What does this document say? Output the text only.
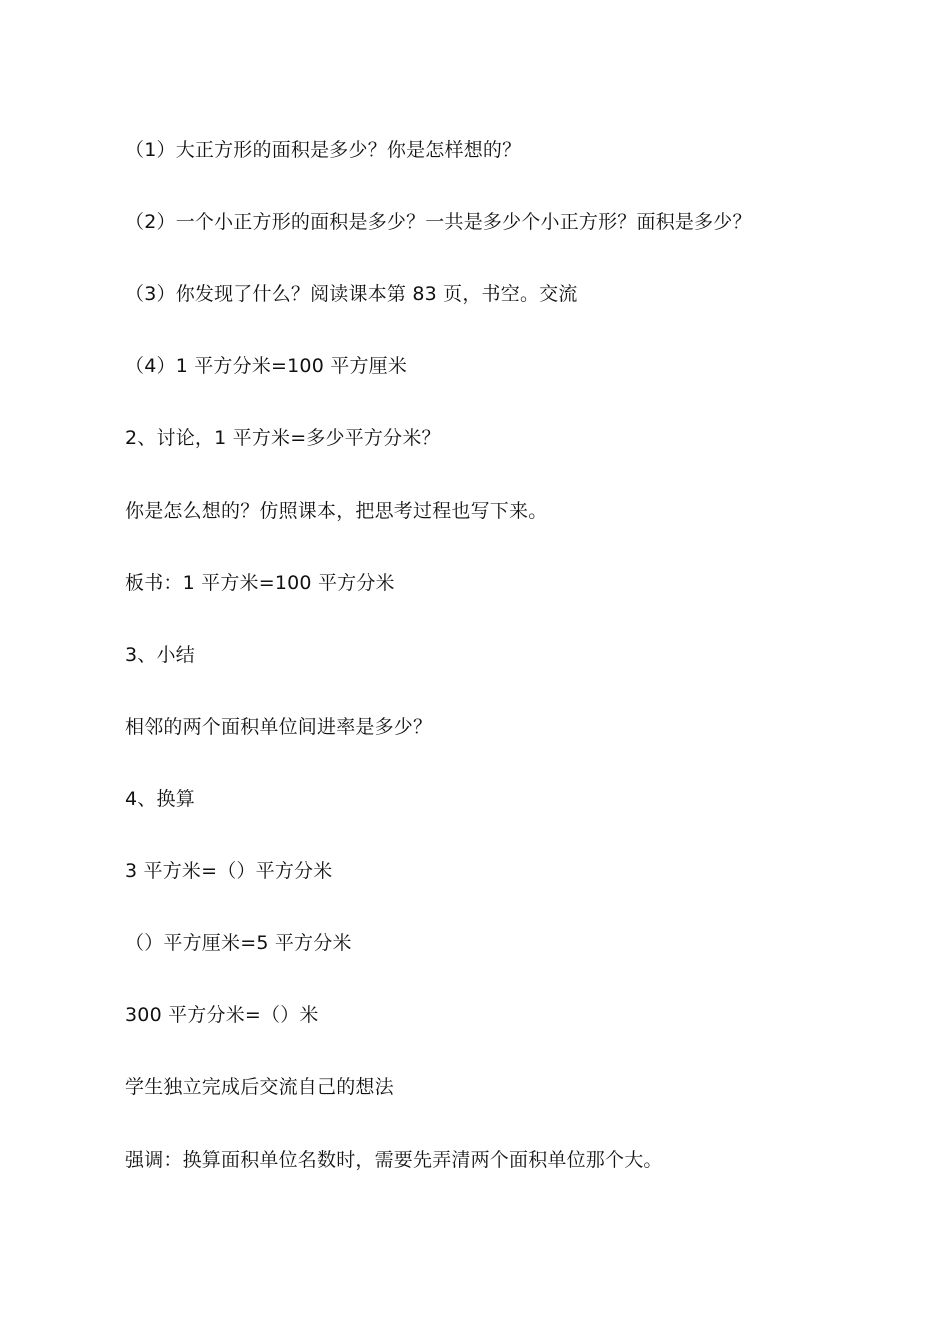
（1）大正方形的面积是多少？你是怎样想的？
（2）一个小正方形的面积是多少？一共是多少个小正方形？面积是多少？
（3）你发现了什么？阅读课本第 83 页，书空。交流
（4）1 平方分米=100 平方厘米
2、讨论，1 平方米=多少平方分米？
你是怎么想的？仿照课本，把思考过程也写下来。
板书：1 平方米=100 平方分米
3、小结
相邻的两个面积单位间进率是多少？
4、换算
3 平方米=（）平方分米
（）平方厘米=5 平方分米
300 平方分米=（）米
学生独立完成后交流自己的想法
强调：换算面积单位名数时，需要先弄清两个面积单位那个大。
